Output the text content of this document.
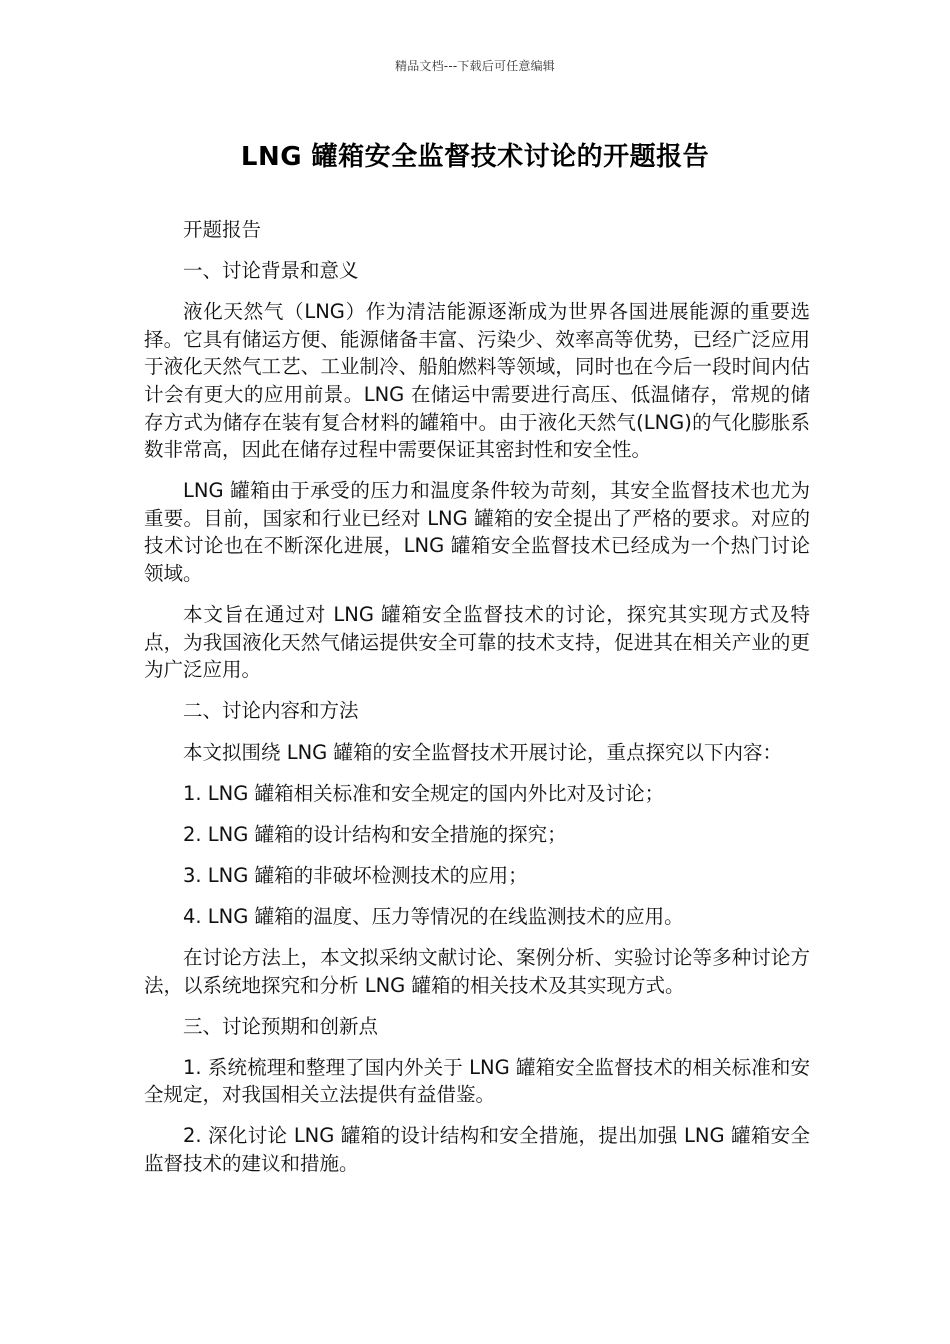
精品文档---下载后可任意编辑
LNG 罐箱安全监督技术讨论的开题报告

开题报告

一、讨论背景和意义

液化天然气（LNG）作为清洁能源逐渐成为世界各国进展能源的重要选择。它具有储运方便、能源储备丰富、污染少、效率高等优势，已经广泛应用于液化天然气工艺、工业制冷、船舶燃料等领域，同时也在今后一段时间内估计会有更大的应用前景。LNG 在储运中需要进行高压、低温储存，常规的储存方式为储存在装有复合材料的罐箱中。由于液化天然气(LNG)的气化膨胀系数非常高，因此在储存过程中需要保证其密封性和安全性。

LNG 罐箱由于承受的压力和温度条件较为苛刻，其安全监督技术也尤为重要。目前，国家和行业已经对 LNG 罐箱的安全提出了严格的要求。对应的技术讨论也在不断深化进展，LNG 罐箱安全监督技术已经成为一个热门讨论领域。

本文旨在通过对 LNG 罐箱安全监督技术的讨论，探究其实现方式及特点，为我国液化天然气储运提供安全可靠的技术支持，促进其在相关产业的更为广泛应用。

二、讨论内容和方法

本文拟围绕 LNG 罐箱的安全监督技术开展讨论，重点探究以下内容：

1. LNG 罐箱相关标准和安全规定的国内外比对及讨论；

2. LNG 罐箱的设计结构和安全措施的探究；

3. LNG 罐箱的非破坏检测技术的应用；

4. LNG 罐箱的温度、压力等情况的在线监测技术的应用。

在讨论方法上，本文拟采纳文献讨论、案例分析、实验讨论等多种讨论方法，以系统地探究和分析 LNG 罐箱的相关技术及其实现方式。

三、讨论预期和创新点

1. 系统梳理和整理了国内外关于 LNG 罐箱安全监督技术的相关标准和安全规定，对我国相关立法提供有益借鉴。

2. 深化讨论 LNG 罐箱的设计结构和安全措施，提出加强 LNG 罐箱安全监督技术的建议和措施。
